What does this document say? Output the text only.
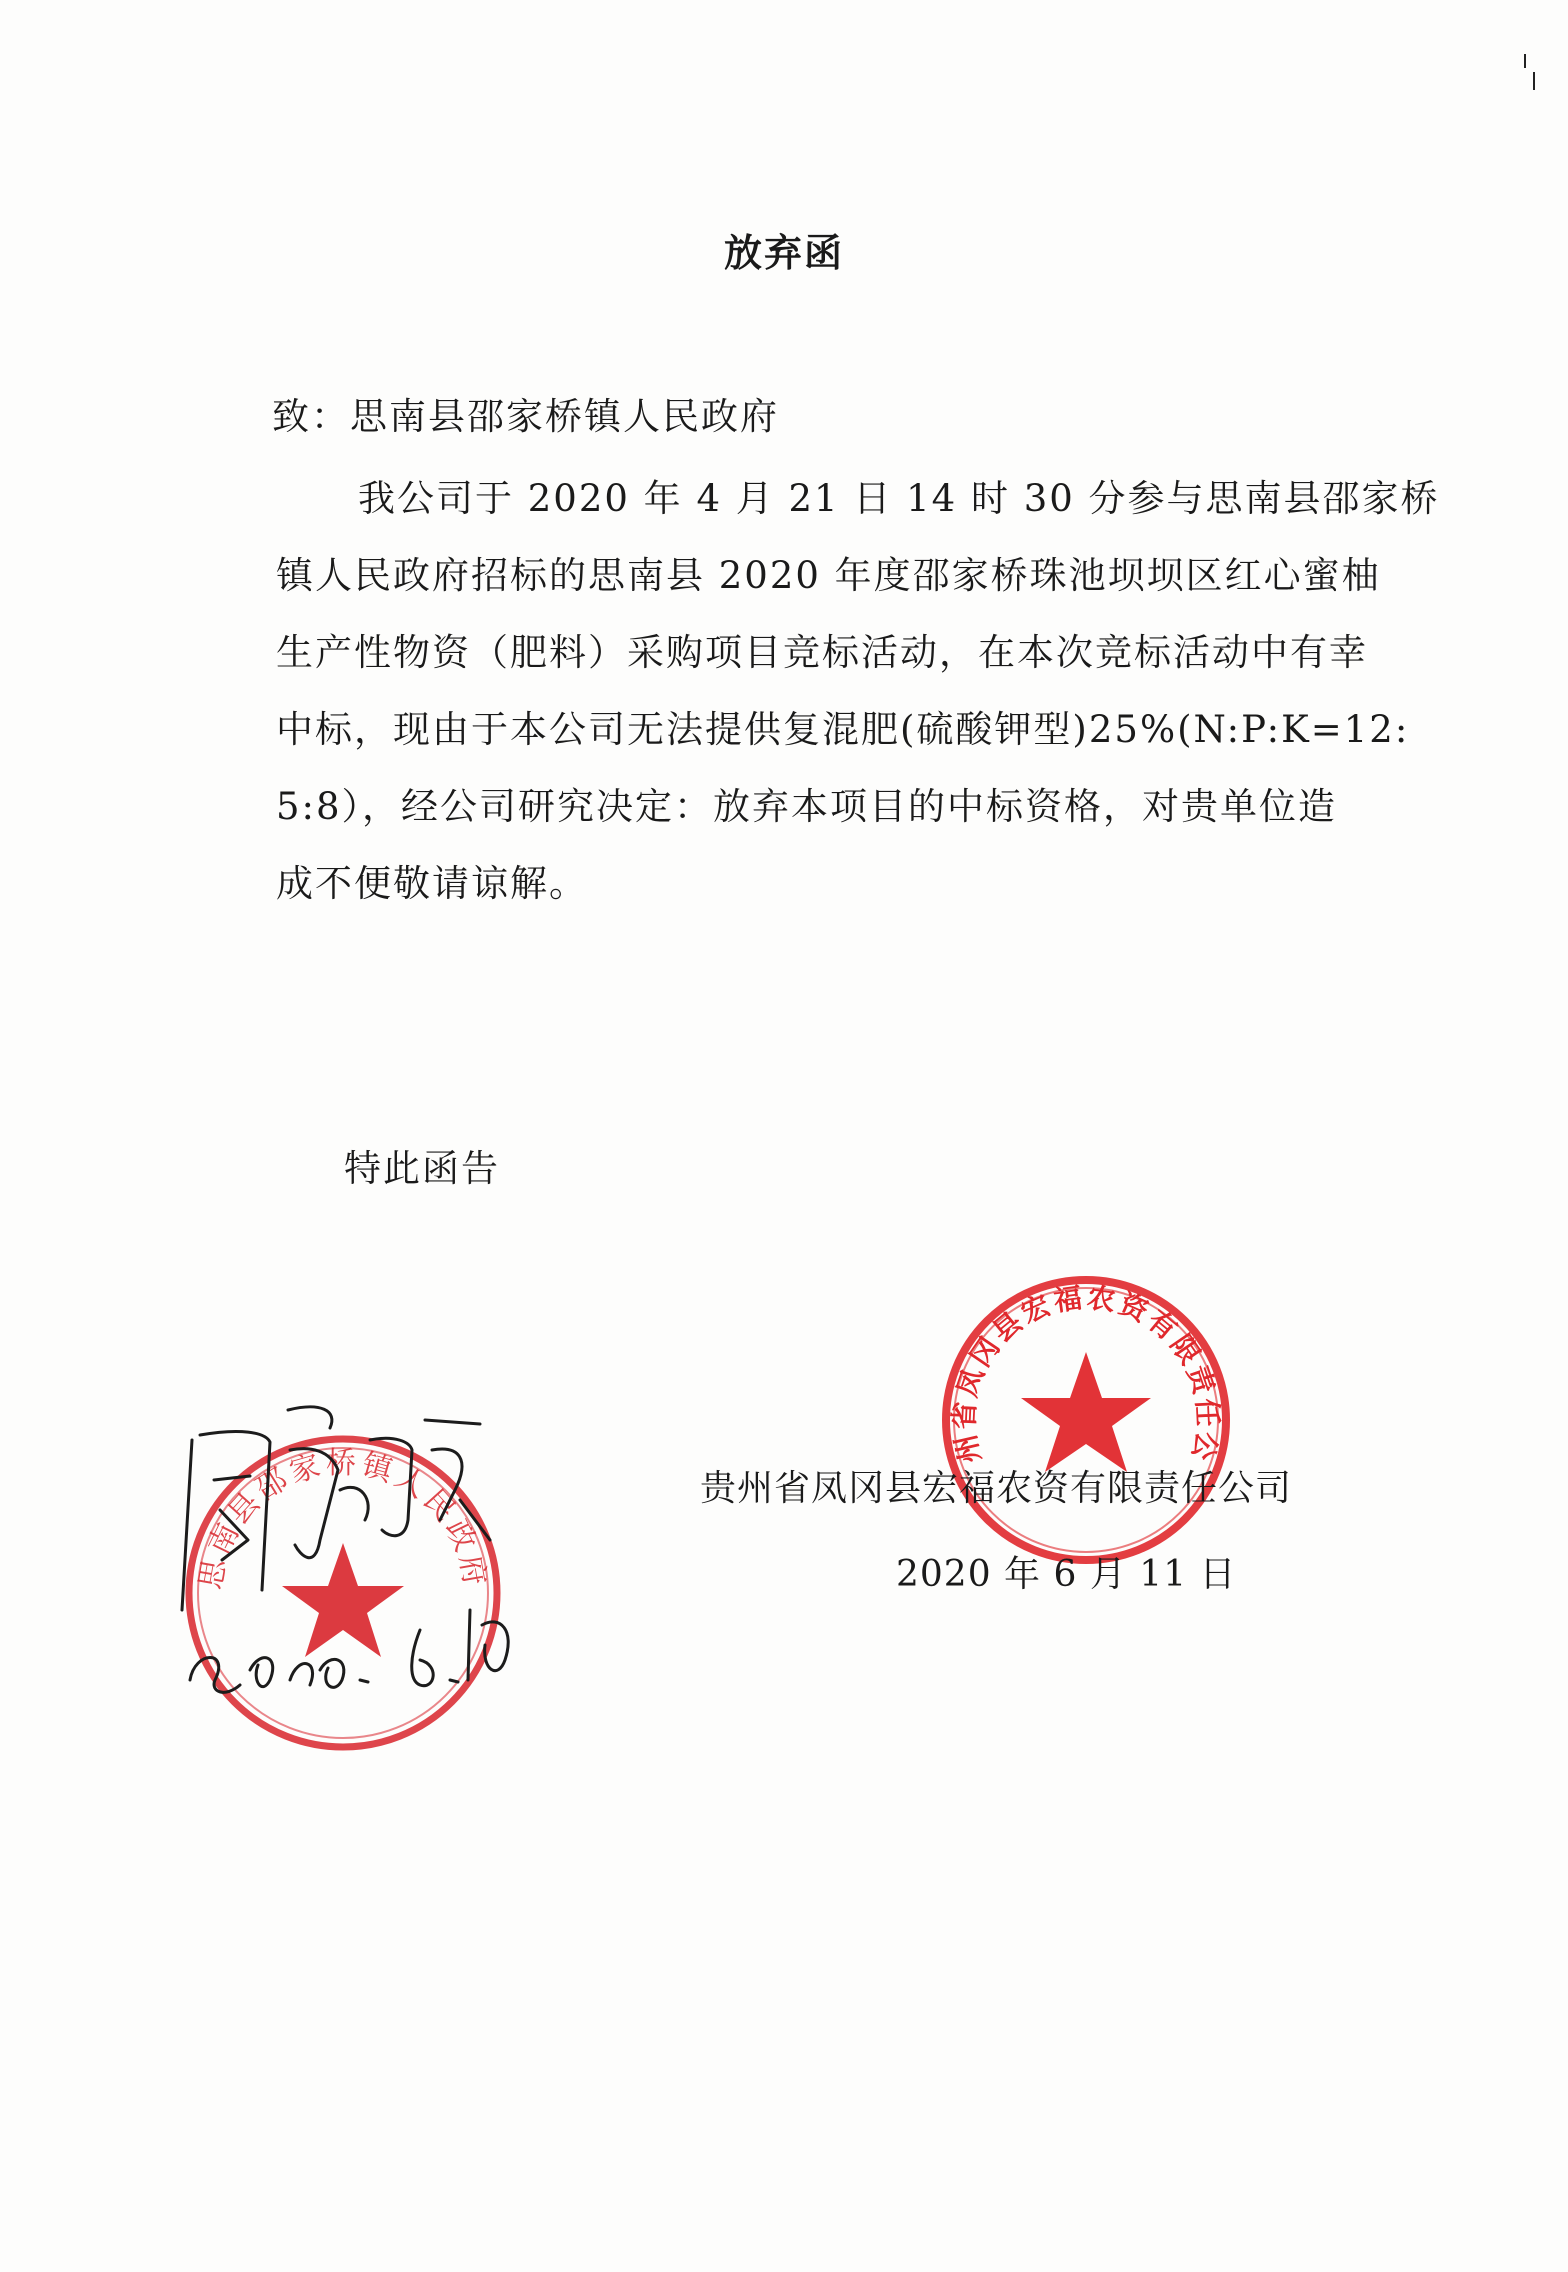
放弃函
致：思南县邵家桥镇人民政府
我公司于 2020 年 4 月 21 日 14 时 30 分参与思南县邵家桥
镇人民政府招标的思南县 2020 年度邵家桥珠池坝坝区红心蜜柚
生产性物资（肥料）采购项目竞标活动，在本次竞标活动中有幸
中标，现由于本公司无法提供复混肥(硫酸钾型)25%(N:P:K=12:
5:8），经公司研究决定：放弃本项目的中标资格，对贵单位造
成不便敬请谅解。
特此函告
贵州省凤冈县宏福农资有限责任公司
思南县邵家桥镇人民政府
贵州省凤冈县宏福农资有限责任公司
2020 年 6 月 11 日
